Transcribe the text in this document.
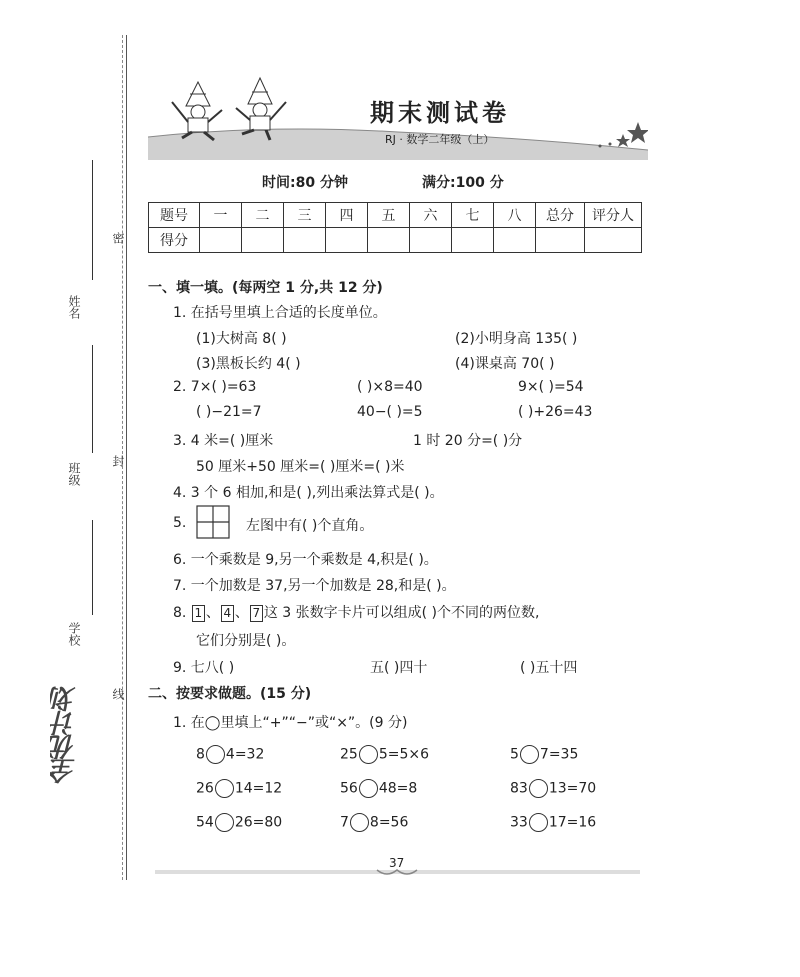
密
封
线
姓名
班级
学校
全优计划
期末测试卷
RJ · 数学二年级（上）
时间:80 分钟	满分:100 分
题号	一	二	三	四	五	六	七	八	总分	评分人
得分										
一、填一填。(每两空 1 分,共 12 分)
1. 在括号里填上合适的长度单位。
(1)大树高 8( )	(2)小明身高 135( )
(3)黑板长约 4( )	(4)课桌高 70( )
2. 7×( )=63	( )×8=40	9×( )=54
( )−21=7	40−( )=5	( )+26=43
3. 4 米=( )厘米	1 时 20 分=( )分
50 厘米+50 厘米=( )厘米=( )米
4. 3 个 6 相加,和是( ),列出乘法算式是( )。
5.	左图中有( )个直角。
6. 一个乘数是 9,另一个乘数是 4,积是( )。
7. 一个加数是 37,另一个加数是 28,和是( )。
8. 1 、 4 、 7 这 3 张数字卡片可以组成( )个不同的两位数,
它们分别是( )。
9. 七八( )	五( )四十	( )五十四
二、按要求做题。(15 分)
1. 在◯里填上“+”“−”或“×”。(9 分)
8 4=32	25 5=5×6	5 7=35
26 14=12	56 48=8	83 13=70
54 26=80	7 8=56	33 17=16
37
